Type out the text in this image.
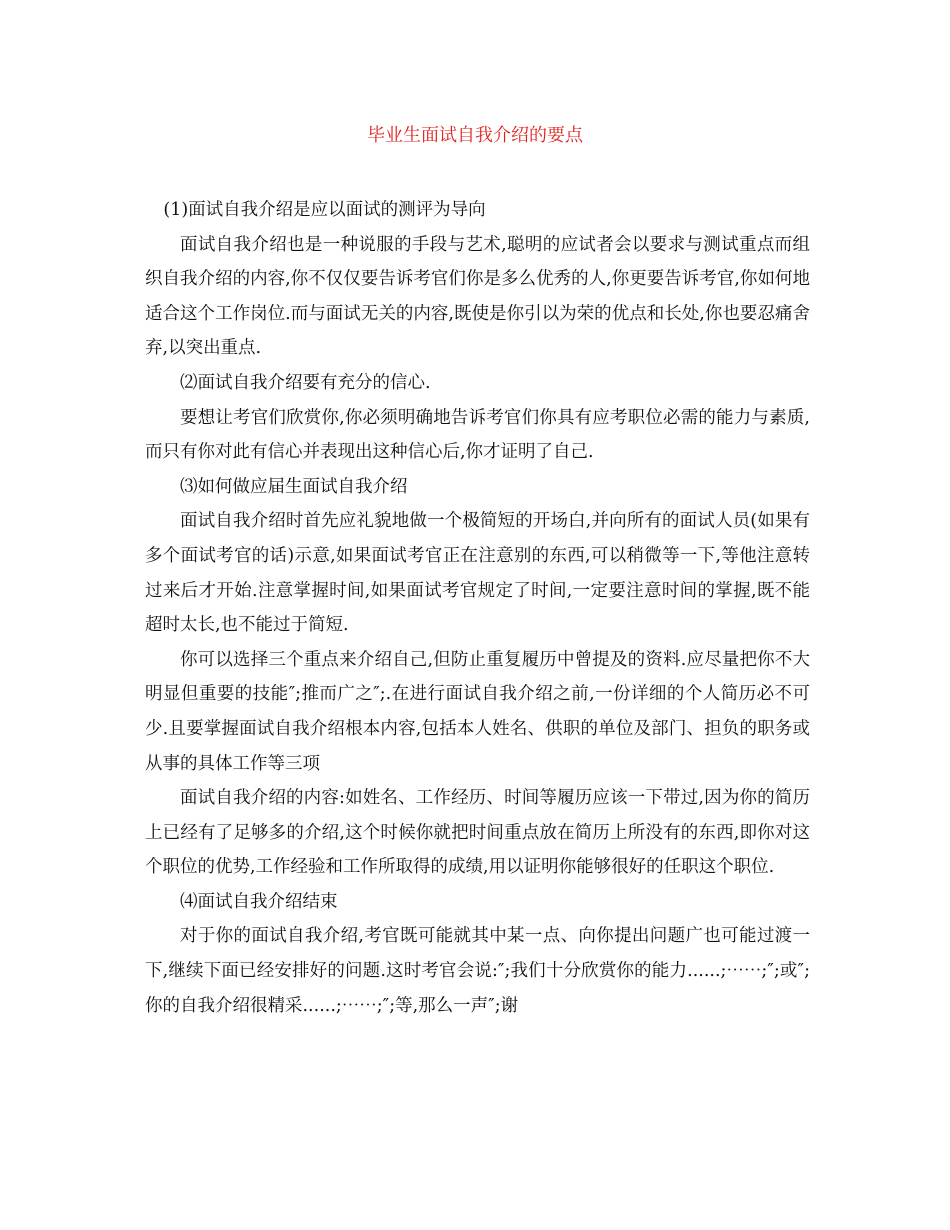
毕业生面试自我介绍的要点

(1)面试自我介绍是应以面试的测评为导向

面试自我介绍也是一种说服的手段与艺术,聪明的应试者会以要求与测试重点而组织自我介绍的内容,你不仅仅要告诉考官们你是多么优秀的人,你更要告诉考官,你如何地适合这个工作岗位.而与面试无关的内容,既使是你引以为荣的优点和长处,你也要忍痛舍弃,以突出重点.

⑵面试自我介绍要有充分的信心.

要想让考官们欣赏你,你必须明确地告诉考官们你具有应考职位必需的能力与素质,而只有你对此有信心并表现出这种信心后,你才证明了自己.

⑶如何做应届生面试自我介绍

面试自我介绍时首先应礼貌地做一个极简短的开场白,并向所有的面试人员(如果有多个面试考官的话)示意,如果面试考官正在注意别的东西,可以稍微等一下,等他注意转过来后才开始.注意掌握时间,如果面试考官规定了时间,一定要注意时间的掌握,既不能超时太长,也不能过于简短.

你可以选择三个重点来介绍自己,但防止重复履历中曾提及的资料.应尽量把你不大明显但重要的技能″;推而广之″;.在进行面试自我介绍之前,一份详细的个人简历必不可少.且要掌握面试自我介绍根本内容,包括本人姓名、供职的单位及部门、担负的职务或从事的具体工作等三项

面试自我介绍的内容:如姓名、工作经历、时间等履历应该一下带过,因为你的简历上已经有了足够多的介绍,这个时候你就把时间重点放在简历上所没有的东西,即你对这个职位的优势,工作经验和工作所取得的成绩,用以证明你能够很好的任职这个职位.

⑷面试自我介绍结束

对于你的面试自我介绍,考官既可能就其中某一点、向你提出问题广也可能过渡一下,继续下面已经安排好的问题.这时考官会说:″;我们十分欣赏你的能力......;⋯⋯;″;或″;你的自我介绍很精采......;⋯⋯;″;等,那么一声″;谢
